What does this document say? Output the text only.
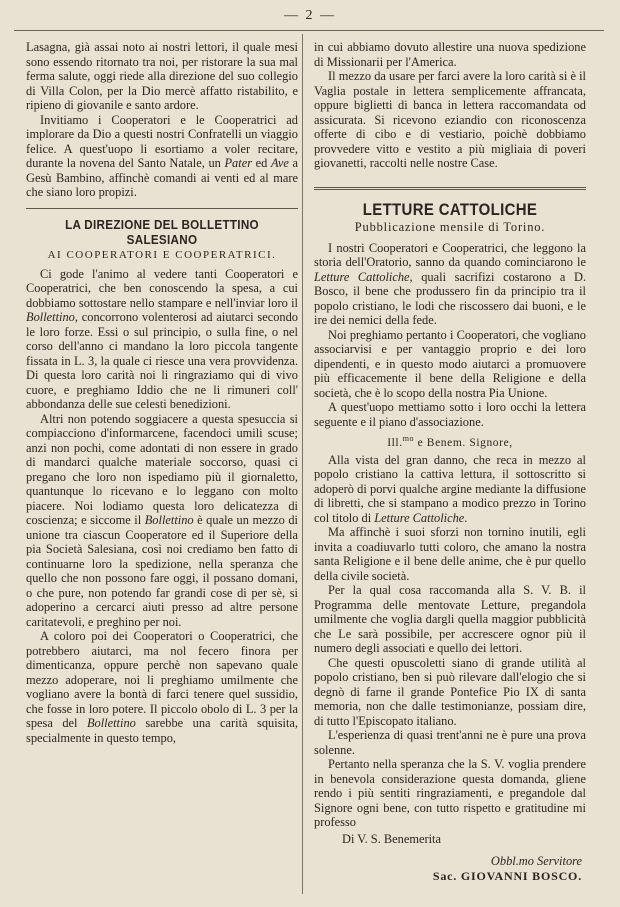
— 2 —

Lasagna, già assai noto ai nostri lettori, il quale mesi sono essendo ritornato tra noi, per ristorare la sua mal ferma salute, oggi riede alla direzione del suo collegio di Villa Colon, per la Dio mercè affatto ristabilito, e ripieno di giovanile e santo ardore.

Invitiamo i Cooperatori e le Cooperatrici ad implorare da Dio a questi nostri Confratelli un viaggio felice. A quest'uopo li esortiamo a voler recitare, durante la novena del Santo Natale, un Pater ed Ave a Gesù Bambino, affinchè comandi ai venti ed al mare che siano loro propizi.

LA DIREZIONE DEL BOLLETTINO SALESIANO
AI COOPERATORI E COOPERATRICI.

Ci gode l'animo al vedere tanti Cooperatori e Cooperatrici, che ben conoscendo la spesa, a cui dobbiamo sottostare nello stampare e nell'inviar loro il Bollettino, concorrono volenterosi ad aiutarci secondo le loro forze. Essi o sul principio, o sulla fine, o nel corso dell'anno ci mandano la loro piccola tangente fissata in L. 3, la quale ci riesce una vera provvidenza. Di questa loro carità noi li ringraziamo qui di vivo cuore, e preghiamo Iddio che ne li rimuneri coll' abbondanza delle sue celesti benedizioni.

Altri non potendo soggiacere a questa spesuccia si compiacciono d'informarcene, facendoci umili scuse; anzi non pochi, come adontati di non essere in grado di mandarci qualche materiale soccorso, quasi ci pregano che loro non ispediamo più il giornaletto, quantunque lo ricevano e lo leggano con molto piacere. Noi lodiamo questa loro delicatezza di coscienza; e siccome il Bollettino è quale un mezzo di unione tra ciascun Cooperatore ed il Superiore della pia Società Salesiana, così noi crediamo ben fatto di continuarne loro la spedizione, nella speranza che quello che non possono fare oggi, il possano domani, o che pure, non potendo far grandi cose di per sè, si adoperino a cercarci aiuti presso ad altre persone caritatevoli, e preghino per noi.

A coloro poi dei Cooperatori o Cooperatrici, che potrebbero aiutarci, ma nol fecero finora per dimenticanza, oppure perchè non sapevano quale mezzo adoperare, noi li preghiamo umilmente che vogliano avere la bontà di farci tenere quel sussidio, che fosse in loro potere. Il piccolo obolo di L. 3 per la spesa del Bollettino sarebbe una carità squisita, specialmente in questo tempo,

in cui abbiamo dovuto allestire una nuova spedizione di Missionarii per l'America.

Il mezzo da usare per farci avere la loro carità si è il Vaglia postale in lettera semplicemente affrancata, oppure biglietti di banca in lettera raccomandata od assicurata. Si ricevono eziandio con riconoscenza offerte di cibo e di vestiario, poichè dobbiamo provvedere vitto e vestito a più migliaia di poveri giovanetti, raccolti nelle nostre Case.

LETTURE CATTOLICHE
Pubblicazione mensile di Torino.

I nostri Cooperatori e Cooperatrici, che leggono la storia dell'Oratorio, sanno da quando cominciarono le Letture Cattoliche, quali sacrifizi costarono a D. Bosco, il bene che produssero fin da principio tra il popolo cristiano, le lodi che riscossero dai buoni, e le ire dei nemici della fede.

Noi preghiamo pertanto i Cooperatori, che vogliano associarvisi e per vantaggio proprio e dei loro dipendenti, e in questo modo aiutarci a promuovere più efficacemente il bene della Religione e della società, che è lo scopo della nostra Pia Unione.

A quest'uopo mettiamo sotto i loro occhi la lettera seguente e il piano d'associazione.

Ill.$^{mo}$ e Benem. Signore,

Alla vista del gran danno, che reca in mezzo al popolo cristiano la cattiva lettura, il sottoscritto si adoperò di porvi qualche argine mediante la diffusione di libretti, che si stampano a modico prezzo in Torino col titolo di Letture Cattoliche.

Ma affinchè i suoi sforzi non tornino inutili, egli invita a coadiuvarlo tutti coloro, che amano la nostra santa Religione e il bene delle anime, che è pur quello della civile società.

Per la qual cosa raccomanda alla S. V. B. il Programma delle mentovate Letture, pregandola umilmente che voglia dargli quella maggior pubblicità che Le sarà possibile, per accrescere ognor più il numero degli associati e quello dei lettori.

Che questi opuscoletti siano di grande utilità al popolo cristiano, ben si può rilevare dall'elogio che si degnò di farne il grande Pontefice Pio IX di santa memoria, non che dalle testimonianze, possiam dire, di tutto l'Episcopato italiano.

L'esperienza di quasi trent'anni ne è pure una prova solenne.

Pertanto nella speranza che la S. V. voglia prendere in benevola considerazione questa domanda, gliene rendo i più sentiti ringraziamenti, e pregandole dal Signore ogni bene, con tutto rispetto e gratitudine mi professo

Di V. S. Benemerita
Obbl.mo Servitore
Sac. GIOVANNI BOSCO.
